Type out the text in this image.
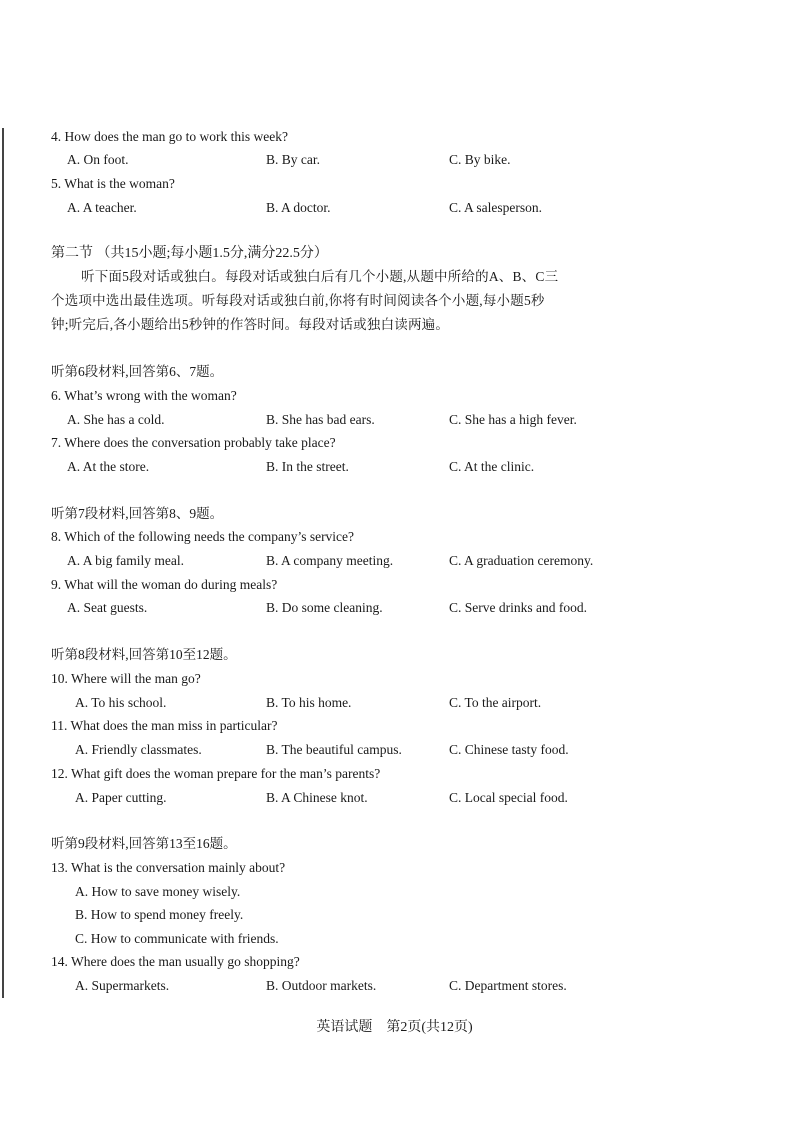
4. How does the man go to work this week?
A. On foot.	B. By car.	C. By bike.
5. What is the woman?
A. A teacher.	B. A doctor.	C. A salesperson.
第二节 （共15小题;每小题1.5分,满分22.5分）

听下面5段对话或独白。每段对话或独白后有几个小题,从题中所给的A、B、C三

个选项中选出最佳选项。听每段对话或独白前,你将有时间阅读各个小题,每小题5秒

钟;听完后,各小题给出5秒钟的作答时间。每段对话或独白读两遍。

听第6段材料,回答第6、7题。
6. What’s wrong with the woman?
A. She has a cold.	B. She has bad ears.	C. She has a high fever.
7. Where does the conversation probably take place?
A. At the store.	B. In the street.	C. At the clinic.
听第7段材料,回答第8、9题。
8. Which of the following needs the company’s service?
A. A big family meal.	B. A company meeting.	C. A graduation ceremony.
9. What will the woman do during meals?
A. Seat guests.	B. Do some cleaning.	C. Serve drinks and food.
听第8段材料,回答第10至12题。
10. Where will the man go?
A. To his school.	B. To his home.	C. To the airport.
11. What does the man miss in particular?
A. Friendly classmates.	B. The beautiful campus.	C. Chinese tasty food.
12. What gift does the woman prepare for the man’s parents?
A. Paper cutting.	B. A Chinese knot.	C. Local special food.
听第9段材料,回答第13至16题。
13. What is the conversation mainly about?
A. How to save money wisely.
B. How to spend money freely.
C. How to communicate with friends.
14. Where does the man usually go shopping?
A. Supermarkets.	B. Outdoor markets.	C. Department stores.
英语试题　第2页(共12页)
